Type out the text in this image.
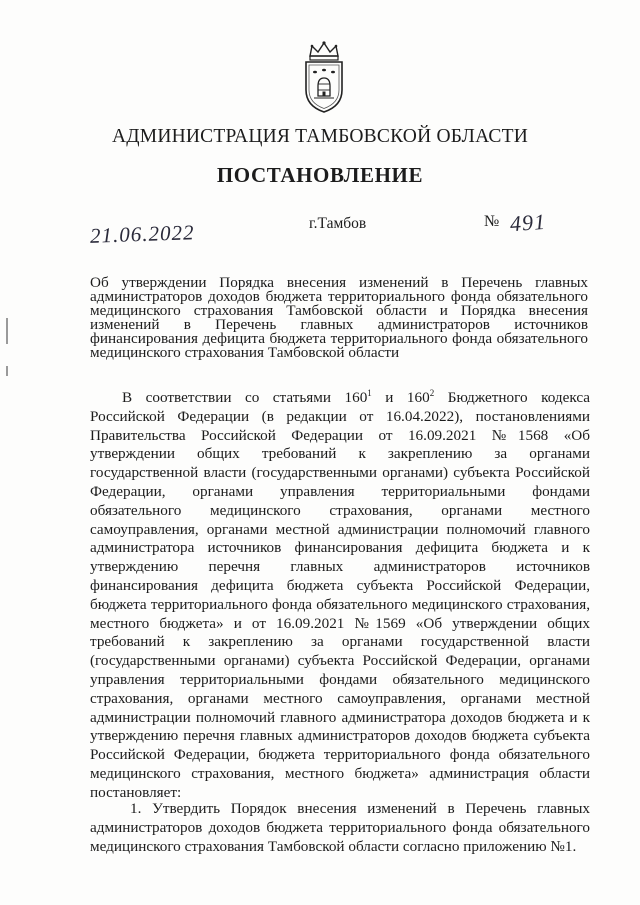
АДМИНИСТРАЦИЯ ТАМБОВСКОЙ ОБЛАСТИ
ПОСТАНОВЛЕНИЕ
21.06.2022	г.Тамбов	№ 491
Об утверждении Порядка внесения изменений в Перечень главных администраторов доходов бюджета территориального фонда обязательного медицинского страхования Тамбовской области и Порядка внесения изменений в Перечень главных администраторов источников финансирования дефицита бюджета территориального фонда обязательного медицинского страхования Тамбовской области
В соответствии со статьями $160^1$ и $160^2$ Бюджетного кодекса Российской Федерации (в редакции от 16.04.2022), постановлениями Правительства Российской Федерации от 16.09.2021 №1568 «Об утверждении общих требований к закреплению за органами государственной власти (государственными органами) субъекта Российской Федерации, органами управления территориальными фондами обязательного медицинского страхования, органами местного самоуправления, органами местной администрации полномочий главного администратора источников финансирования дефицита бюджета и к утверждению перечня главных администраторов источников финансирования дефицита бюджета субъекта Российской Федерации, бюджета территориального фонда обязательного медицинского страхования, местного бюджета» и от 16.09.2021 №1569 «Об утверждении общих требований к закреплению за органами государственной власти (государственными органами) субъекта Российской Федерации, органами управления территориальными фондами обязательного медицинского страхования, органами местного самоуправления, органами местной администрации полномочий главного администратора доходов бюджета и к утверждению перечня главных администраторов доходов бюджета субъекта Российской Федерации, бюджета территориального фонда обязательного медицинского страхования, местного бюджета» администрация области постановляет:
1. Утвердить Порядок внесения изменений в Перечень главных администраторов доходов бюджета территориального фонда обязательного медицинского страхования Тамбовской области согласно приложению №1.
